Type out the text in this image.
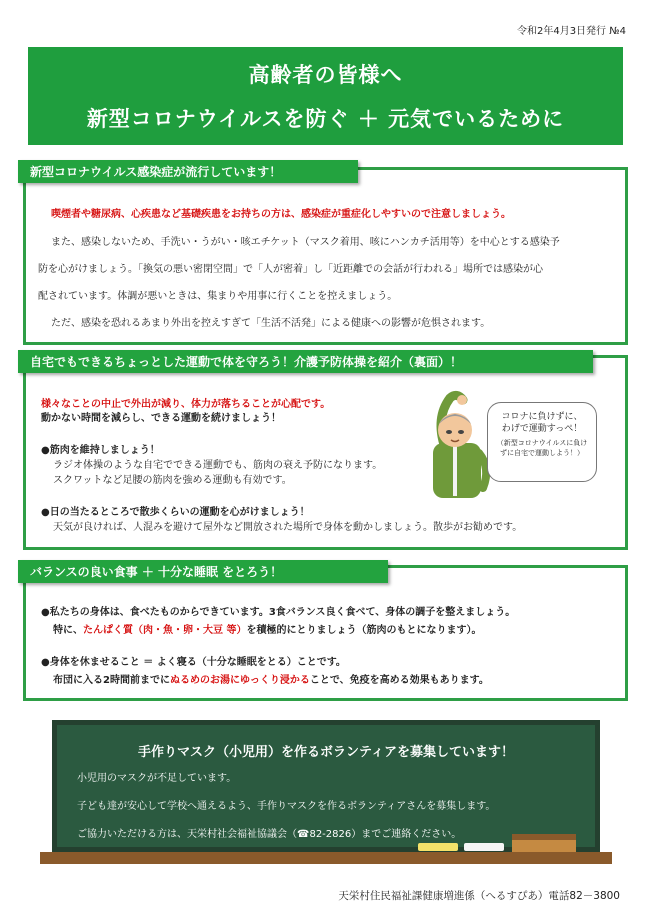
令和2年4月3日発行 №4
高齢者の皆様へ
新型コロナウイルスを防ぐ ＋ 元気でいるために
新型コロナウイルス感染症が流行しています！
喫煙者や糖尿病、心疾患など基礎疾患をお持ちの方は、感染症が重症化しやすいので注意しましょう。
また、感染しないため、手洗い・うがい・咳エチケット（マスク着用、咳にハンカチ活用等）を中心とする感染予
防を心がけましょう。「換気の悪い密閉空間」で「人が密着」し「近距離での会話が行われる」場所では感染が心
配されています。体調が悪いときは、集まりや用事に行くことを控えましょう。
ただ、感染を恐れるあまり外出を控えすぎて「生活不活発」による健康への影響が危惧されます。
自宅でもできるちょっとした運動で体を守ろう！介護予防体操を紹介（裏面）！
様々なことの中止で外出が減り、体力が落ちることが心配です。
動かない時間を減らし、できる運動を続けましょう！
●筋肉を維持しましょう！
ラジオ体操のような自宅でできる運動でも、筋肉の衰え予防になります。
スクワットなど足腰の筋肉を強める運動も有効です。
●日の当たるところで散歩くらいの運動を心がけましょう！
天気が良ければ、人混みを避けて屋外など開放された場所で身体を動かしましょう。散歩がお勧めです。
コロナに負けずに、
わげで運動すっぺ！
（新型コロナウイルスに負け
ずに自宅で運動しよう！）
バランスの良い食事 ＋ 十分な睡眠 をとろう！
●私たちの身体は、食べたものからできています。3食バランス良く食べて、身体の調子を整えましょう。
特に、たんぱく質（肉・魚・卵・大豆 等）を積極的にとりましょう（筋肉のもとになります）。
●身体を休ませること ＝ よく寝る（十分な睡眠をとる）ことです。
布団に入る2時間前までにぬるめのお湯にゆっくり浸かることで、免疫を高める効果もあります。
手作りマスク（小児用）を作るボランティアを募集しています！
小児用のマスクが不足しています。
子ども達が安心して学校へ通えるよう、手作りマスクを作るボランティアさんを募集します。
ご協力いただける方は、天栄村社会福祉協議会（☎82-2826）までご連絡ください。
天栄村住民福祉課健康増進係（へるすぴあ）電話82－3800
